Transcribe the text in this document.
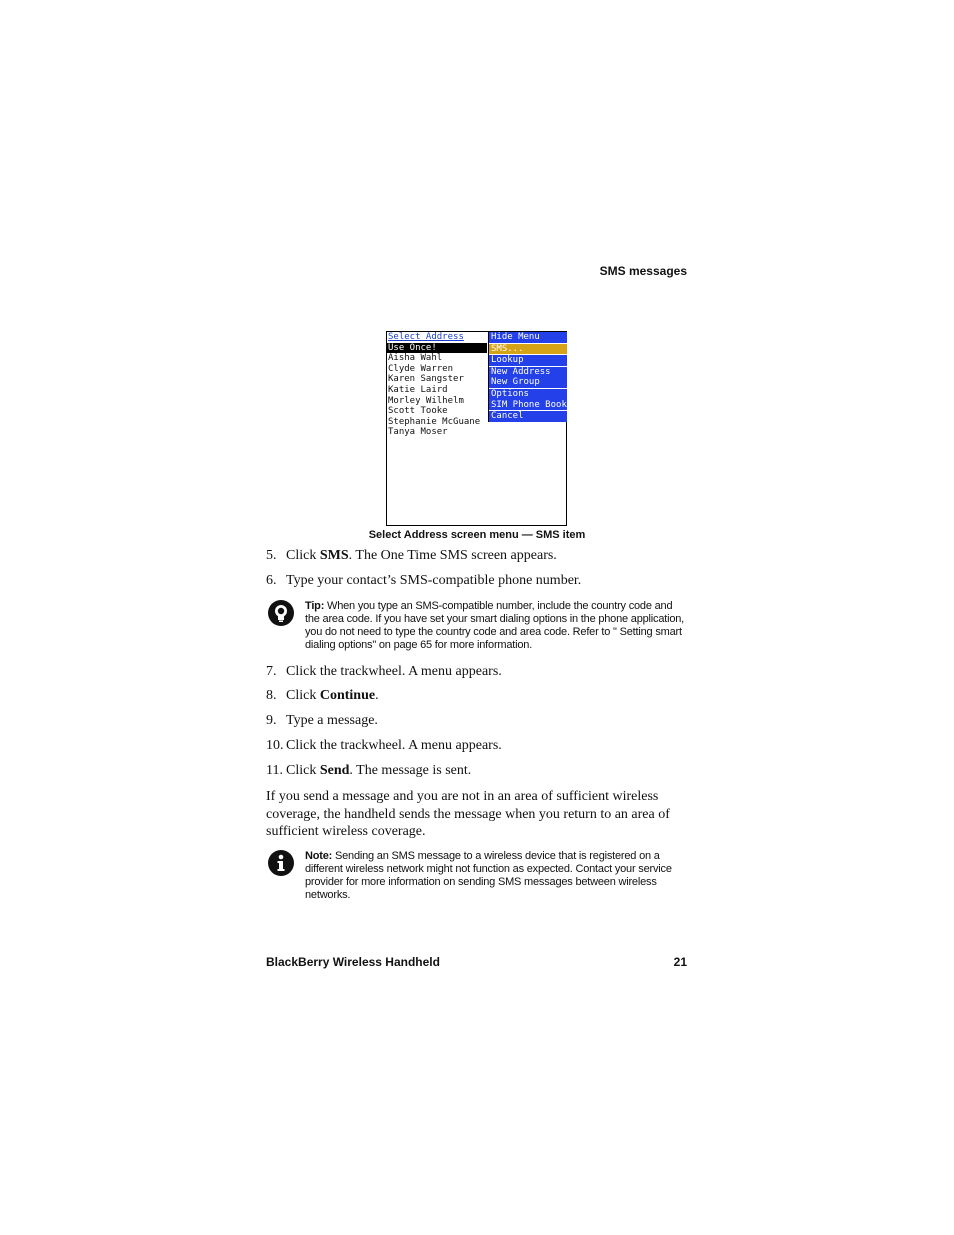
SMS messages
Select Address
Use Once!
Aisha Wahl
Clyde Warren
Karen Sangster
Katie Laird
Morley Wilhelm
Scott Tooke
Stephanie McGuane
Tanya Moser
Hide Menu
SMS...
Lookup
New Address
New Group
Options
SIM Phone Book
Cancel
Select Address screen menu — SMS item
5. Click SMS. The One Time SMS screen appears.
6. Type your contact’s SMS-compatible phone number.
Tip: When you type an SMS-compatible number, include the country code and the area code. If you have set your smart dialing options in the phone application, you do not need to type the country code and area code. Refer to " Setting smart dialing options" on page 65 for more information.
7. Click the trackwheel. A menu appears.
8. Click Continue.
9. Type a message.
10. Click the trackwheel. A menu appears.
11. Click Send. The message is sent.
If you send a message and you are not in an area of sufficient wireless coverage, the handheld sends the message when you return to an area of sufficient wireless coverage.
Note: Sending an SMS message to a wireless device that is registered on a different wireless network might not function as expected. Contact your service provider for more information on sending SMS messages between wireless networks.
BlackBerry Wireless Handheld	21
